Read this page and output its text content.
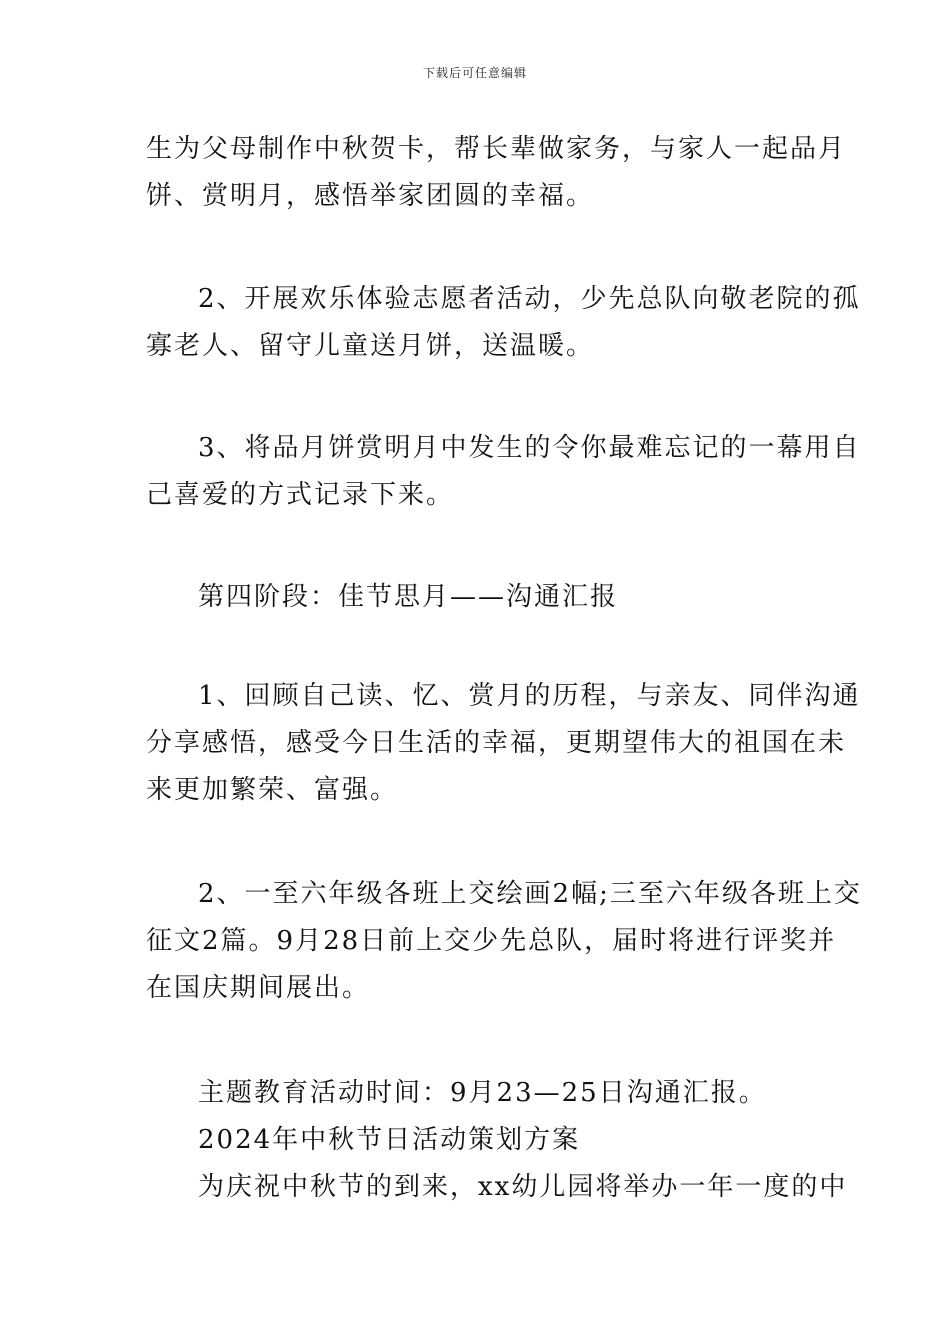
下载后可任意编辑
生为父母制作中秋贺卡，帮长辈做家务，与家人一起品月
饼、赏明月，感悟举家团圆的幸福。
2、开展欢乐体验志愿者活动，少先总队向敬老院的孤
寡老人、留守儿童送月饼，送温暖。
3、将品月饼赏明月中发生的令你最难忘记的一幕用自
己喜爱的方式记录下来。
第四阶段：佳节思月——沟通汇报
1、回顾自己读、忆、赏月的历程，与亲友、同伴沟通
分享感悟，感受今日生活的幸福，更期望伟大的祖国在未
来更加繁荣、富强。
2、一至六年级各班上交绘画2幅;三至六年级各班上交
征文2篇。9月28日前上交少先总队，届时将进行评奖并
在国庆期间展出。
主题教育活动时间：9月23—25日沟通汇报。
2024年中秋节日活动策划方案
为庆祝中秋节的到来，xx幼儿园将举办一年一度的中
